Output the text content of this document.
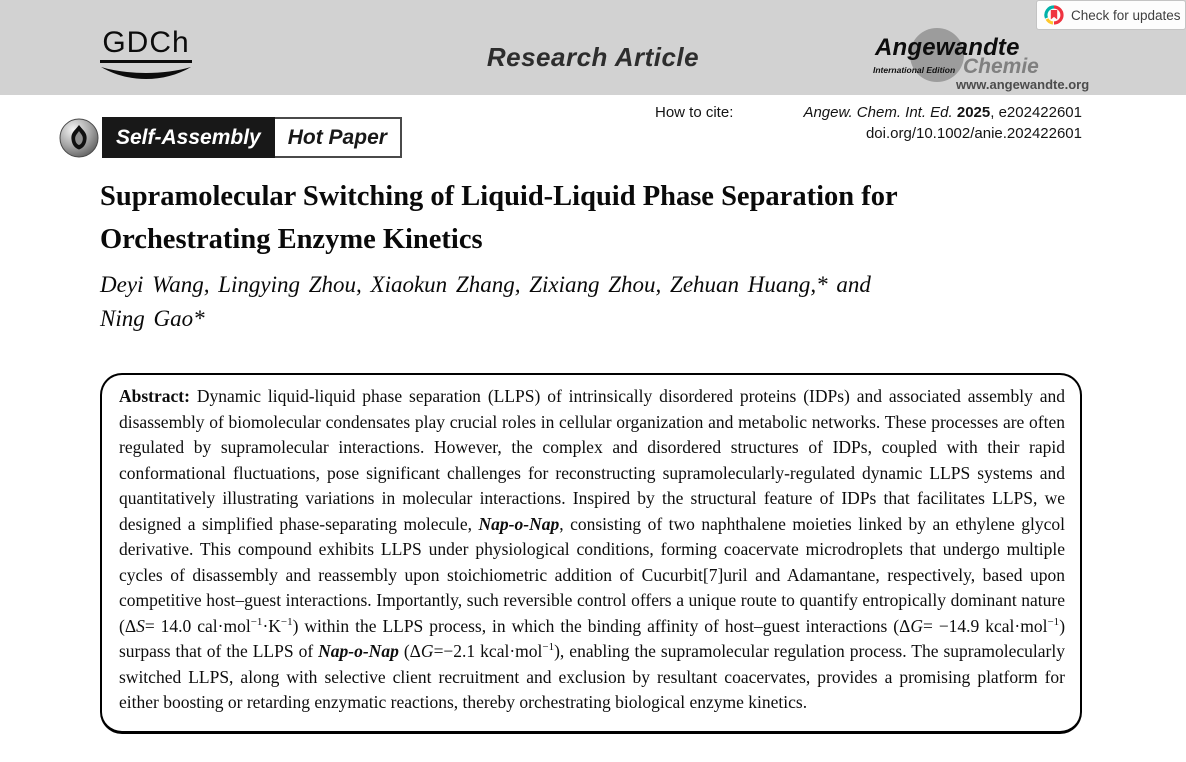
GDCh	Research Article	Angewandte
International Edition Chemie
www.angewandte.org
Check for updates
How to cite:	Angew. Chem. Int. Ed. 2025, e202422601
doi.org/10.1002/anie.202422601
Self-Assembly	Hot Paper
Supramolecular Switching of Liquid-Liquid Phase Separation for
Orchestrating Enzyme Kinetics
Deyi Wang, Lingying Zhou, Xiaokun Zhang, Zixiang Zhou, Zehuan Huang,* and
Ning Gao*
Abstract: Dynamic liquid-liquid phase separation (LLPS) of intrinsically disordered proteins (IDPs) and associated assembly and disassembly of biomolecular condensates play crucial roles in cellular organization and metabolic networks. These processes are often regulated by supramolecular interactions. However, the complex and disordered structures of IDPs, coupled with their rapid conformational fluctuations, pose significant challenges for reconstructing supramolecularly-regulated dynamic LLPS systems and quantitatively illustrating variations in molecular interactions. Inspired by the structural feature of IDPs that facilitates LLPS, we designed a simplified phase-separating molecule, Nap-o-Nap, consisting of two naphthalene moieties linked by an ethylene glycol derivative. This compound exhibits LLPS under physiological conditions, forming coacervate microdroplets that undergo multiple cycles of disassembly and reassembly upon stoichiometric addition of Cucurbit[7]uril and Adamantane, respectively, based upon competitive host–guest interactions. Importantly, such reversible control offers a unique route to quantify entropically dominant nature (ΔS= 14.0 $cal\cdot mol^{-1}\cdot K^{-1}$) within the LLPS process, in which the binding affinity of host–guest interactions (ΔG= −14.9 kcal·mol$^{-1}$) surpass that of the LLPS of Nap-o-Nap (ΔG=−2.1 kcal·mol$^{-1}$), enabling the supramolecular regulation process. The supramolecularly switched LLPS, along with selective client recruitment and exclusion by resultant coacervates, provides a promising platform for either boosting or retarding enzymatic reactions, thereby orchestrating biological enzyme kinetics.
